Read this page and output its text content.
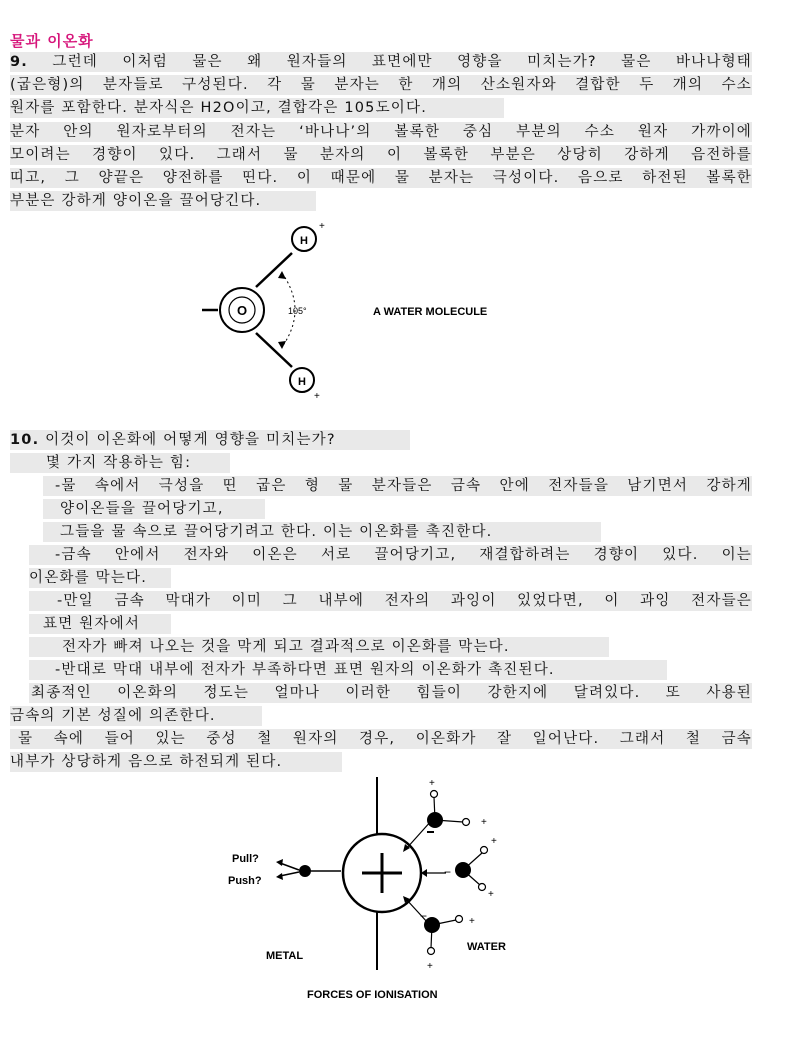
물과 이온화
9. 그런데 이처럼 물은 왜 원자들의 표면에만 영향을 미치는가? 물은 바나나형태
(굽은형)의 분자들로 구성된다. 각 물 분자는 한 개의 산소원자와 결합한 두 개의 수소
원자를 포함한다. 분자식은 H2O이고, 결합각은 105도이다.
분자 안의 원자로부터의 전자는 ‘바나나’의 볼록한 중심 부분의 수소 원자 가까이에
모이려는 경향이 있다. 그래서 물 분자의 이 볼록한 부분은 상당히 강하게 음전하를
띠고, 그 양끝은 양전하를 띤다. 이 때문에 물 분자는 극성이다. 음으로 하전된 볼록한
부분은 강하게 양이온을 끌어당긴다.
−
O
H
+
H
+
105°	A WATER MOLECULE
10. 이것이 이온화에 어떻게 영향을 미치는가?
몇 가지 작용하는 힘:
-물 속에서 극성을 띤 굽은 형 물 분자들은 금속 안에 전자들을 남기면서 강하게
양이온들을 끌어당기고,
그들을 물 속으로 끌어당기려고 한다. 이는 이온화를 촉진한다.
-금속 안에서 전자와 이온은 서로 끌어당기고, 재결합하려는 경향이 있다. 이는
이온화를 막는다.
-만일 금속 막대가 이미 그 내부에 전자의 과잉이 있었다면, 이 과잉 전자들은
표면 원자에서
전자가 빠져 나오는 것을 막게 되고 결과적으로 이온화를 막는다.
-반대로 막대 내부에 전자가 부족하다면 표면 원자의 이온화가 촉진된다.
최종적인 이온화의 정도는 얼마나 이러한 힘들이 강한지에 달려있다. 또 사용된
금속의 기본 성질에 의존한다.
물 속에 들어 있는 중성 철 원자의 경우, 이온화가 잘 일어난다. 그래서 철 금속
내부가 상당하게 음으로 하전되게 된다.
Pull?
Push?
+
+
+
+
−
+
+
−
METAL
WATER
FORCES OF IONISATION
